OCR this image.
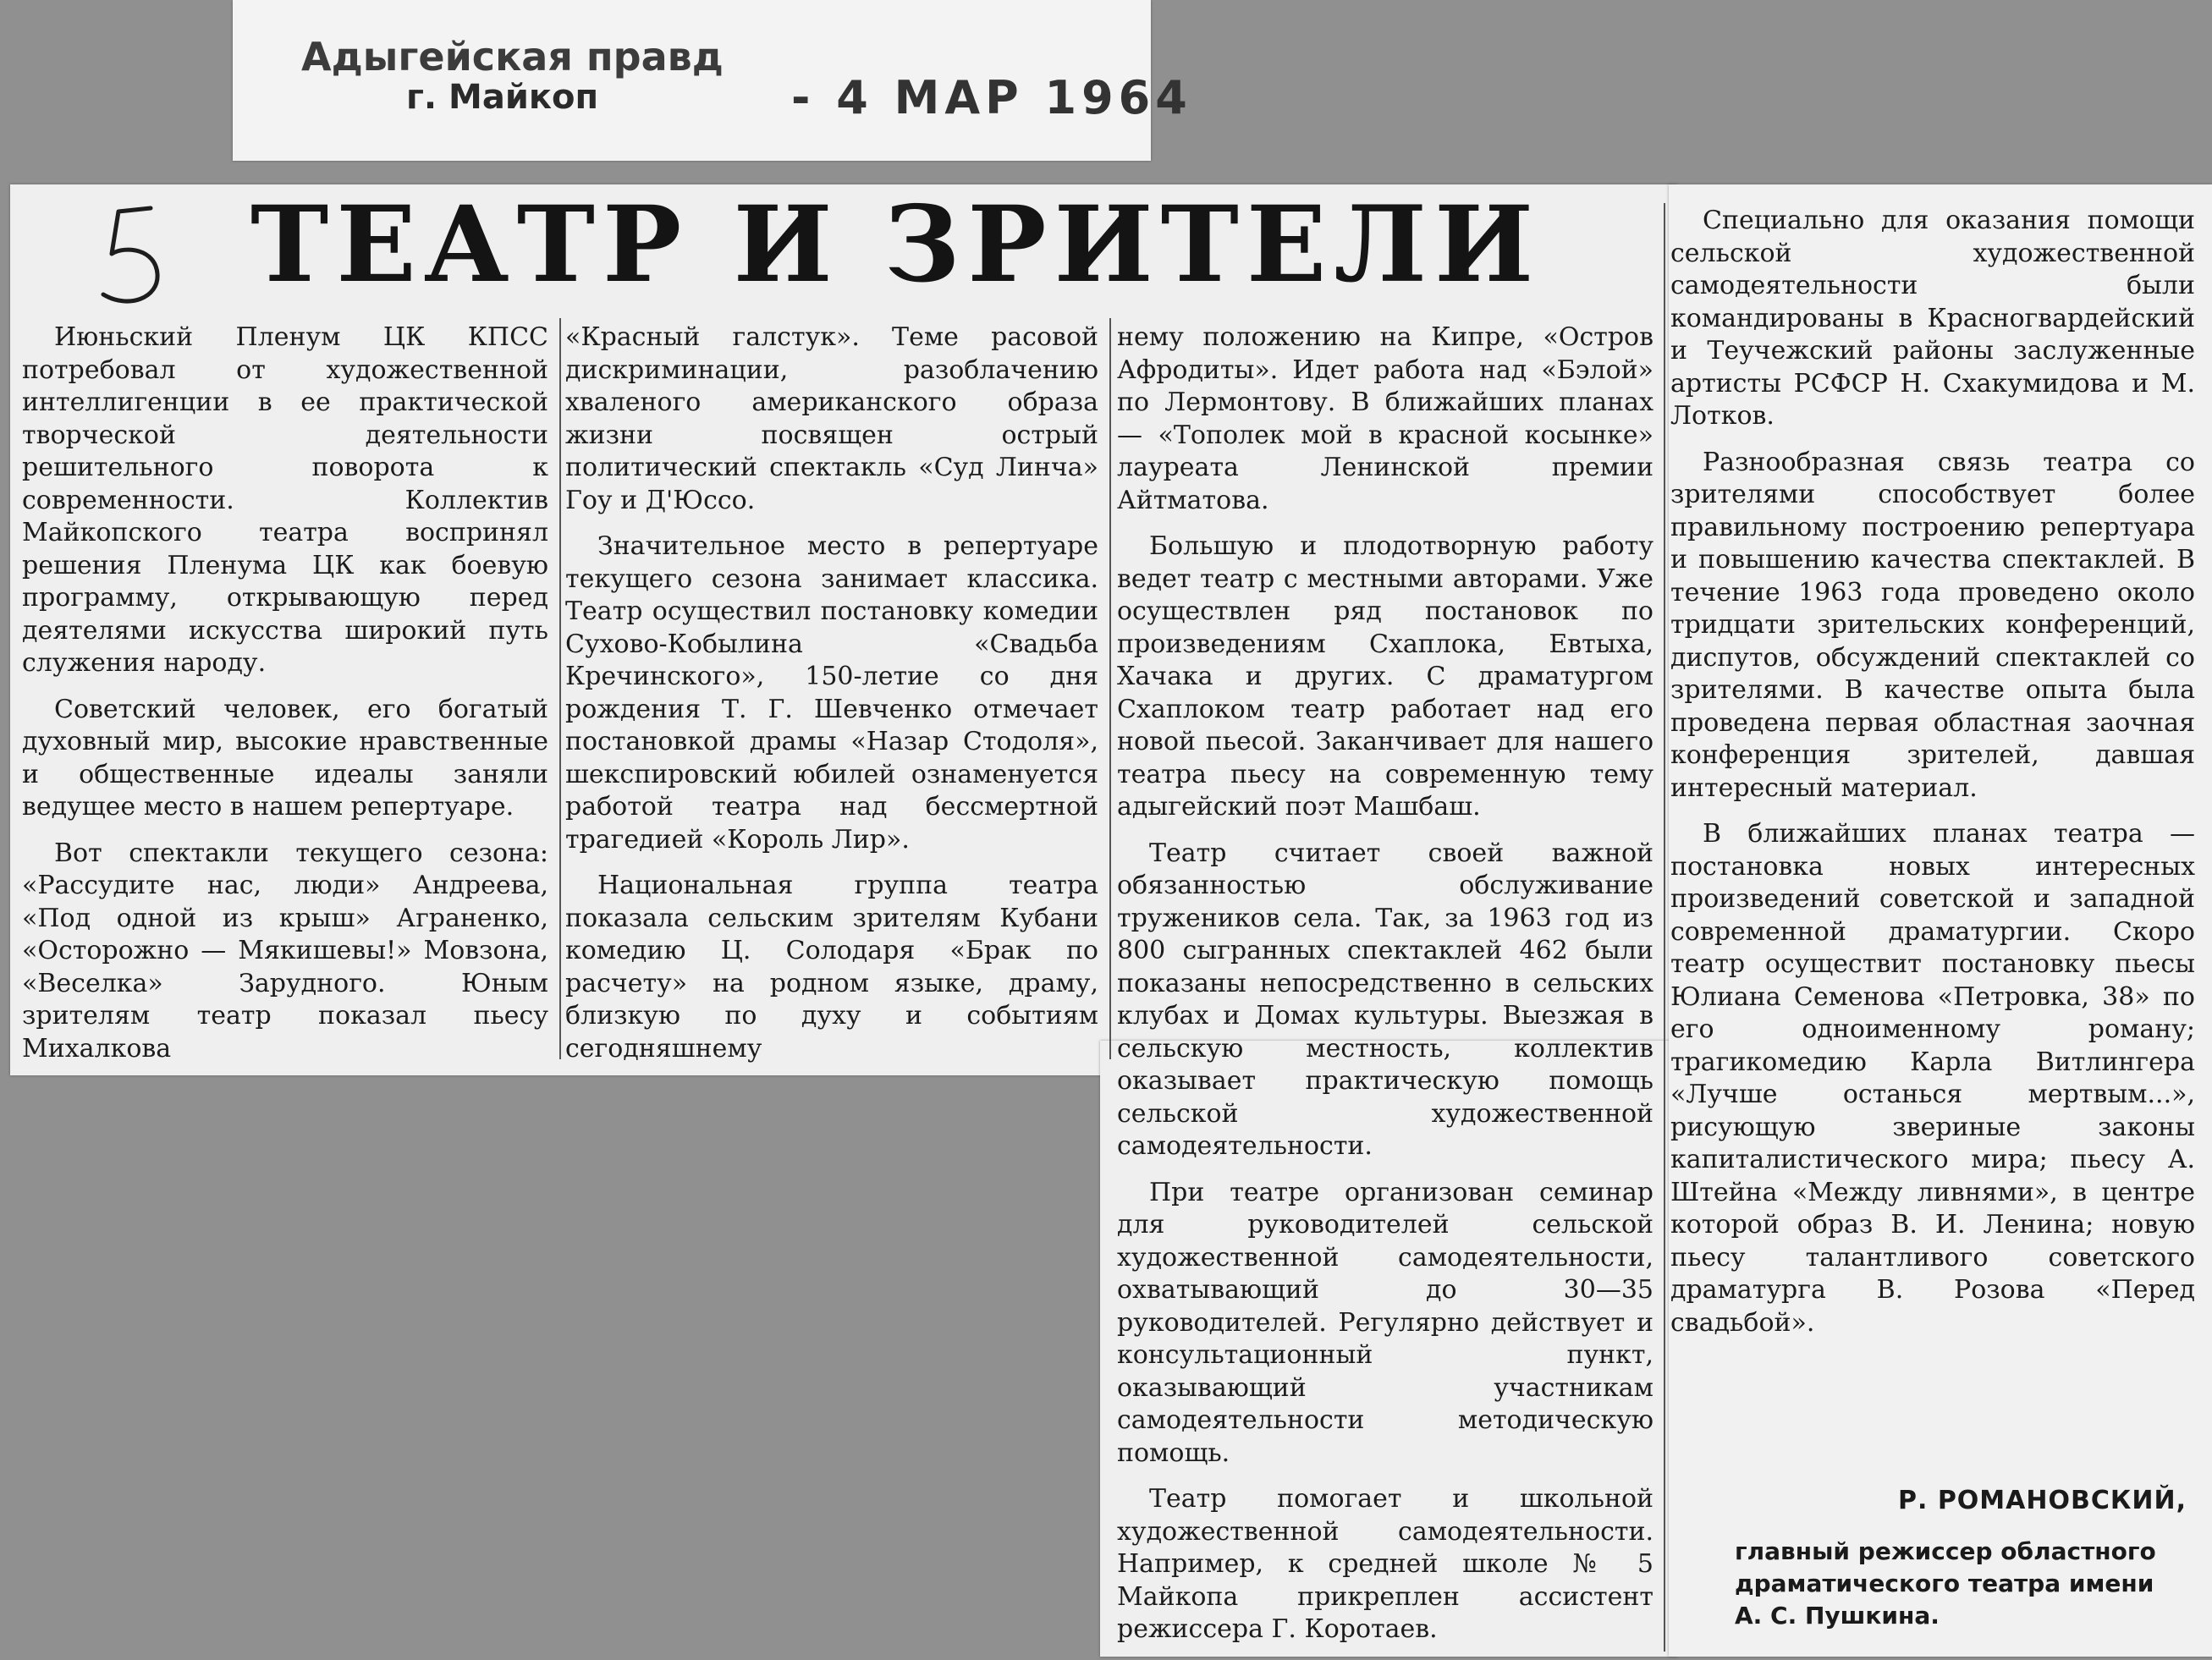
Адыгейская правд
г. Майкоп	- 4 МАР 1964
ТЕАТР И ЗРИТЕЛИ

Июньский Пленум ЦК КПСС потребовал от художественной интеллигенции в ее практической творческой деятельности решительного поворота к современности. Коллектив Майкопского театра воспринял решения Пленума ЦК как боевую программу, открывающую перед деятелями искусства широкий путь служения народу.

Советский человек, его богатый духовный мир, высокие нравственные и общественные идеалы заняли ведущее место в нашем репертуаре.

Вот спектакли текущего сезона: «Рассудите нас, люди» Андреева, «Под одной из крыш» Аграненко, «Осторожно — Мякишевы!» Мовзона, «Веселка» Зарудного. Юным зрителям театр показал пьесу Михалкова

«Красный галстук». Теме расовой дискриминации, разоблачению хваленого американского образа жизни посвящен острый политический спектакль «Суд Линча» Гоу и Д'Юссо.

Значительное место в репертуаре текущего сезона занимает классика. Театр осуществил постановку комедии Сухово-Кобылина «Свадьба Кречинского», 150-летие со дня рождения Т. Г. Шевченко отмечает постановкой драмы «Назар Стодоля», шекспировский юбилей ознаменуется работой театра над бессмертной трагедией «Король Лир».

Национальная группа театра показала сельским зрителям Кубани комедию Ц. Солодаря «Брак по расчету» на родном языке, драму, близкую по духу и событиям сегодняшнему

нему положению на Кипре, «Остров Афродиты». Идет работа над «Бэлой» по Лермонтову. В ближайших планах — «Тополек мой в красной косынке» лауреата Ленинской премии Айтматова.

Большую и плодотворную работу ведет театр с местными авторами. Уже осуществлен ряд постановок по произведениям Схаплока, Евтыха, Хачака и других. С драматургом Схаплоком театр работает над его новой пьесой. Заканчивает для нашего театра пьесу на современную тему адыгейский поэт Машбаш.

Театр считает своей важной обязанностью обслуживание тружеников села. Так, за 1963 год из 800 сыгранных спектаклей 462 были показаны непосредственно в сельских клубах и Домах культуры. Выезжая в сельскую местность, коллектив оказывает практическую помощь сельской художественной самодеятельности.

При театре организован семинар для руководителей сельской художественной самодеятельности, охватывающий до 30—35 руководителей. Регулярно действует и консультационный пункт, оказывающий участникам самодеятельности методическую помощь.

Театр помогает и школьной художественной самодеятельности. Например, к средней школе № 5 Майкопа прикреплен ассистент режиссера Г. Коротаев.

Специально для оказания помощи сельской художественной самодеятельности были командированы в Красногвардейский и Теучежский районы заслуженные артисты РСФСР Н. Схакумидова и М. Лотков.

Разнообразная связь театра со зрителями способствует более правильному построению репертуара и повышению качества спектаклей. В течение 1963 года проведено около тридцати зрительских конференций, диспутов, обсуждений спектаклей со зрителями. В качестве опыта была проведена первая областная заочная конференция зрителей, давшая интересный материал.

В ближайших планах театра — постановка новых интересных произведений советской и западной современной драматургии. Скоро театр осуществит постановку пьесы Юлиана Семенова «Петровка, 38» по его одноименному роману; трагикомедию Карла Витлингера «Лучше останься мертвым...», рисующую звериные законы капиталистического мира; пьесу А. Штейна «Между ливнями», в центре которой образ В. И. Ленина; новую пьесу талантливого советского драматурга В. Розова «Перед свадьбой».

Р. РОМАНОВСКИЙ,
главный режиссер областного
драматического театра имени
А. С. Пушкина.
